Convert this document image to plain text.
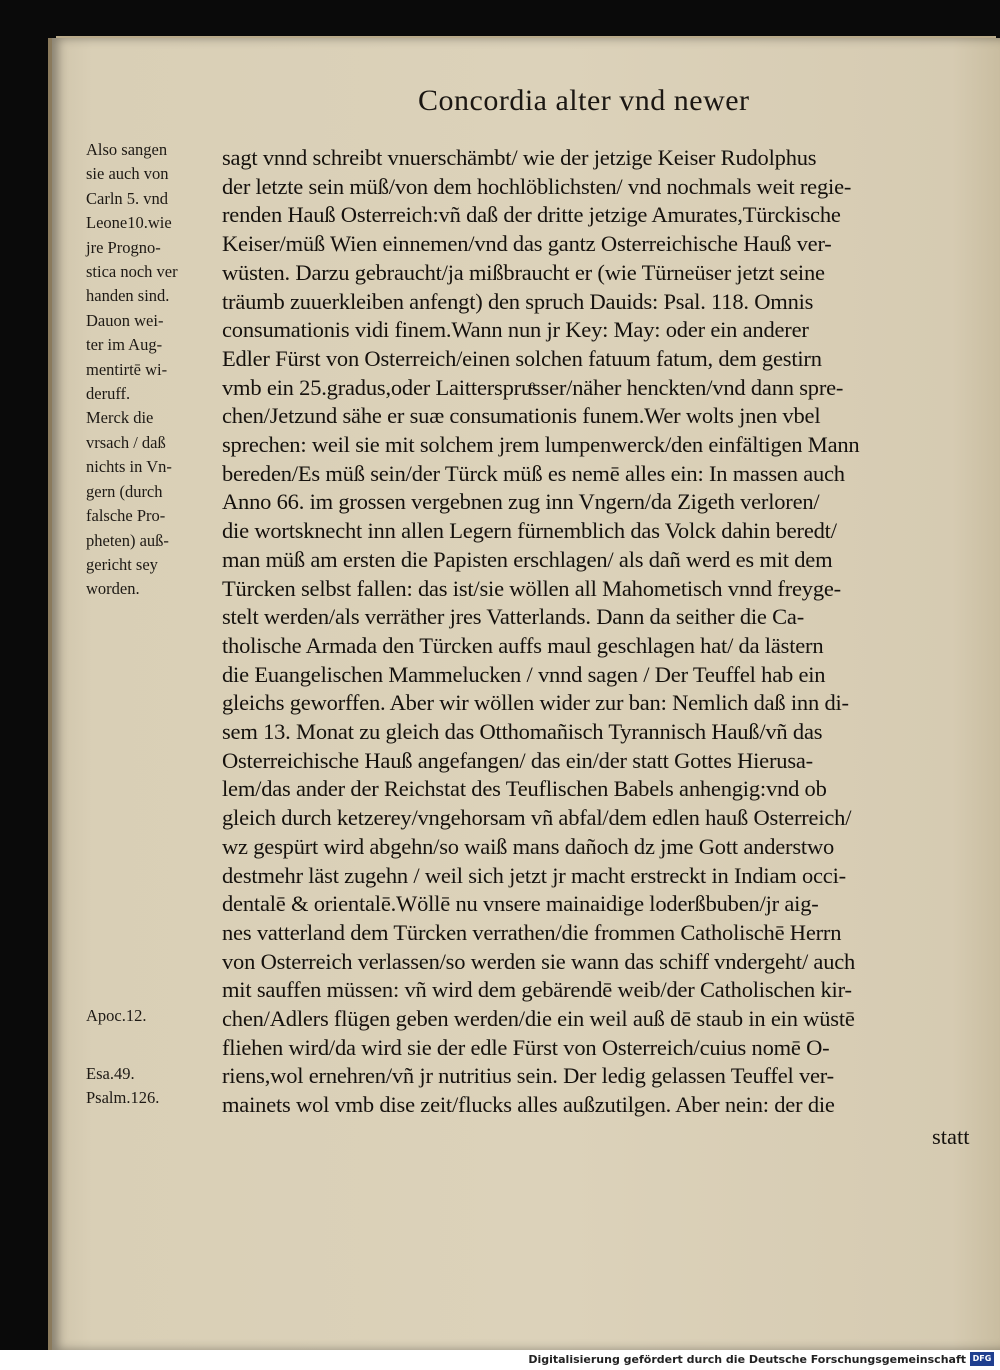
Concordia alter vnd newer
Also sangen
sie auch von
Carln 5. vnd
Leone10.wie
jre Progno-
stica noch ver
handen sind.
Dauon wei-
ter im Aug-
mentirtē wi-
deruff.
Merck die
vrsach / daß
nichts in Vn-
gern (durch
falsche Pro-
pheten) auß-
gericht sey
worden.
Apoc.12.
Esa.49.
Psalm.126.
sagt vnnd schreibt vnuerschämbt/ wie der jetzige Keiser Rudolphus
der letzte sein müß/von dem hochlöblichsten/ vnd nochmals weit regie-
renden Hauß Osterreich:vñ daß der dritte jetzige Amurates,Türckische
Keiser/müß Wien einnemen/vnd das gantz Osterreichische Hauß ver-
wüsten. Darzu gebraucht/ja mißbraucht er (wie Türneüser jetzt seine
träumb zuuerkleiben anfengt) den spruch Dauids: Psal. 118. Omnis
consumationis vidi finem.Wann nun jr Key: May: oder ein anderer
Edler Fürst von Osterreich/einen solchen fatuum fatum, dem gestirn
vmb ein 25.gradus,oder Laitterspruͤsser/näher henckten/vnd dann spre-
chen/Jetzund sähe er suæ consumationis funem.Wer wolts jnen vbel
sprechen: weil sie mit solchem jrem lumpenwerck/den einfältigen Mann
bereden/Es müß sein/der Türck müß es nemē alles ein: In massen auch
Anno 66. im grossen vergebnen zug inn Vngern/da Zigeth verloren/
die wortsknecht inn allen Legern fürnemblich das Volck dahin beredt/
man müß am ersten die Papisten erschlagen/ als dañ werd es mit dem
Türcken selbst fallen: das ist/sie wöllen all Mahometisch vnnd freyge-
stelt werden/als verräther jres Vatterlands. Dann da seither die Ca-
tholische Armada den Türcken auffs maul geschlagen hat/ da lästern
die Euangelischen Mammelucken / vnnd sagen / Der Teuffel hab ein
gleichs geworffen. Aber wir wöllen wider zur ban: Nemlich daß inn di-
sem 13. Monat zu gleich das Otthomañisch Tyrannisch Hauß/vñ das
Osterreichische Hauß angefangen/ das ein/der statt Gottes Hierusa-
lem/das ander der Reichstat des Teuflischen Babels anhengig:vnd ob
gleich durch ketzerey/vngehorsam vñ abfal/dem edlen hauß Osterreich/
wz gespürt wird abgehn/so waiß mans dañoch dz jme Gott anderstwo
destmehr läst zugehn / weil sich jetzt jr macht erstreckt in Indiam occi-
dentalē & orientalē.Wöllē nu vnsere mainaidige loderßbuben/jr aig-
nes vatterland dem Türcken verrathen/die frommen Catholischē Herrn
von Osterreich verlassen/so werden sie wann das schiff vndergeht/ auch
mit sauffen müssen: vñ wird dem gebärendē weib/der Catholischen kir-
chen/Adlers flügen geben werden/die ein weil auß dē staub in ein wüstē
fliehen wird/da wird sie der edle Fürst von Osterreich/cuius nomē O-
riens,wol ernehren/vñ jr nutritius sein. Der ledig gelassen Teuffel ver-
mainets wol vmb dise zeit/flucks alles außzutilgen. Aber nein: der die
statt
Digitalisierung gefördert durch die Deutsche Forschungsgemeinschaft DFG
